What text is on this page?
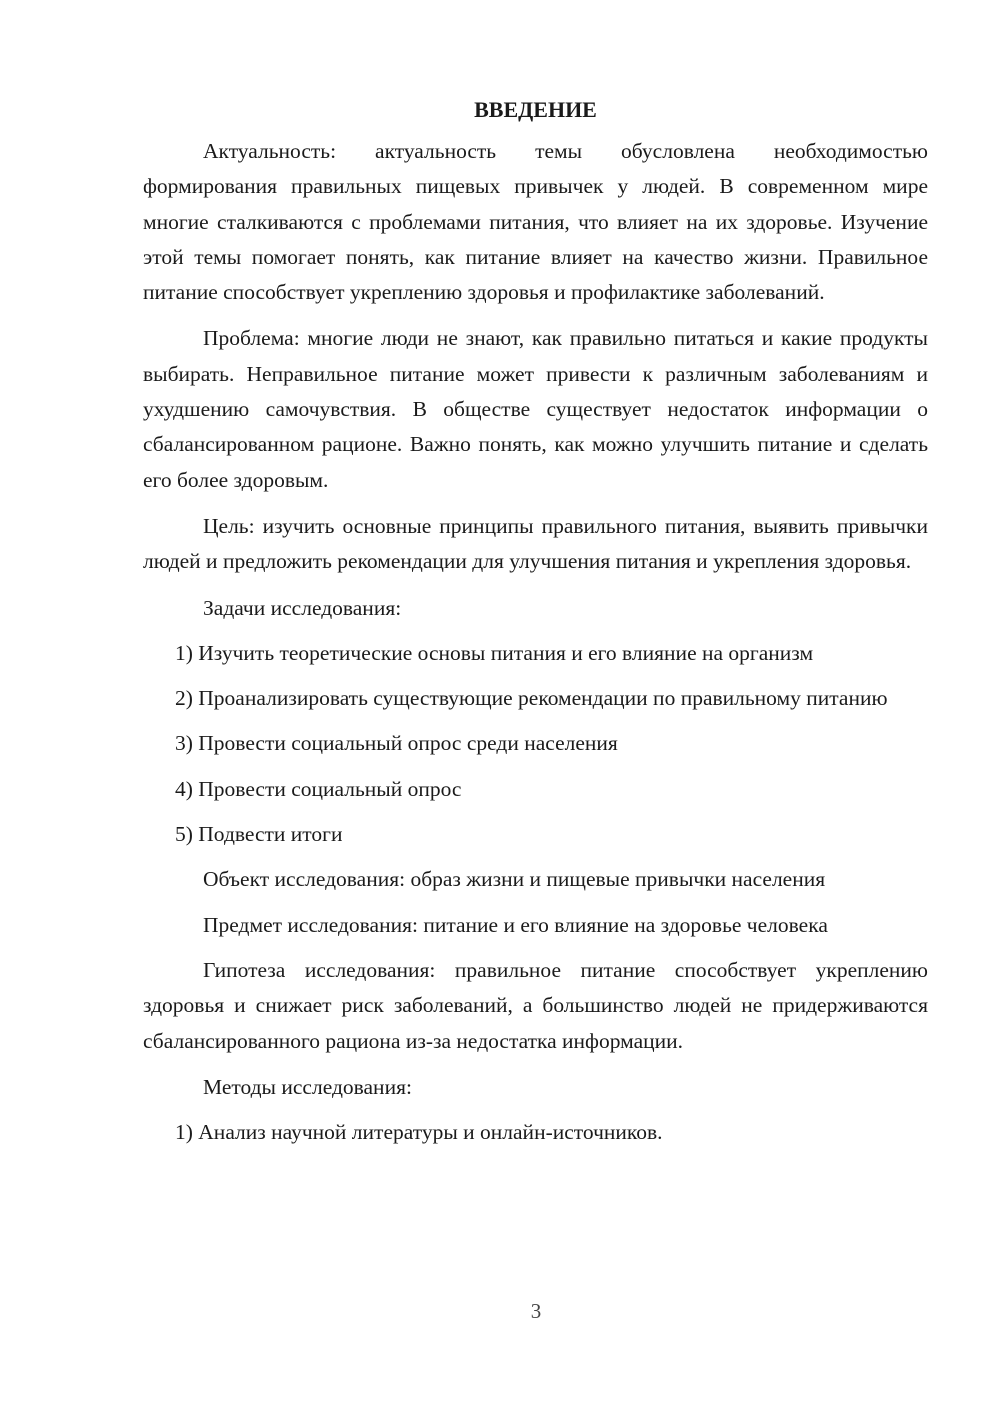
ВВЕДЕНИЕ

Актуальность: актуальность темы обусловлена необходимостью формирования правильных пищевых привычек у людей. В современном мире многие сталкиваются с проблемами питания, что влияет на их здоровье. Изучение этой темы помогает понять, как питание влияет на качество жизни. Правильное питание способствует укреплению здоровья и профилактике заболеваний.

Проблема: многие люди не знают, как правильно питаться и какие продукты выбирать. Неправильное питание может привести к различным заболеваниям и ухудшению самочувствия. В обществе существует недостаток информации о сбалансированном рационе. Важно понять, как можно улучшить питание и сделать его более здоровым.

Цель: изучить основные принципы правильного питания, выявить привычки людей и предложить рекомендации для улучшения питания и укрепления здоровья.

Задачи исследования:

1) Изучить теоретические основы питания и его влияние на организм

2) Проанализировать существующие рекомендации по правильному питанию

3) Провести социальный опрос среди населения

4) Провести социальный опрос

5) Подвести итоги

Объект исследования: образ жизни и пищевые привычки населения

Предмет исследования: питание и его влияние на здоровье человека

Гипотеза исследования: правильное питание способствует укреплению здоровья и снижает риск заболеваний, а большинство людей не придерживаются сбалансированного рациона из-за недостатка информации.

Методы исследования:

1) Анализ научной литературы и онлайн-источников.

3
